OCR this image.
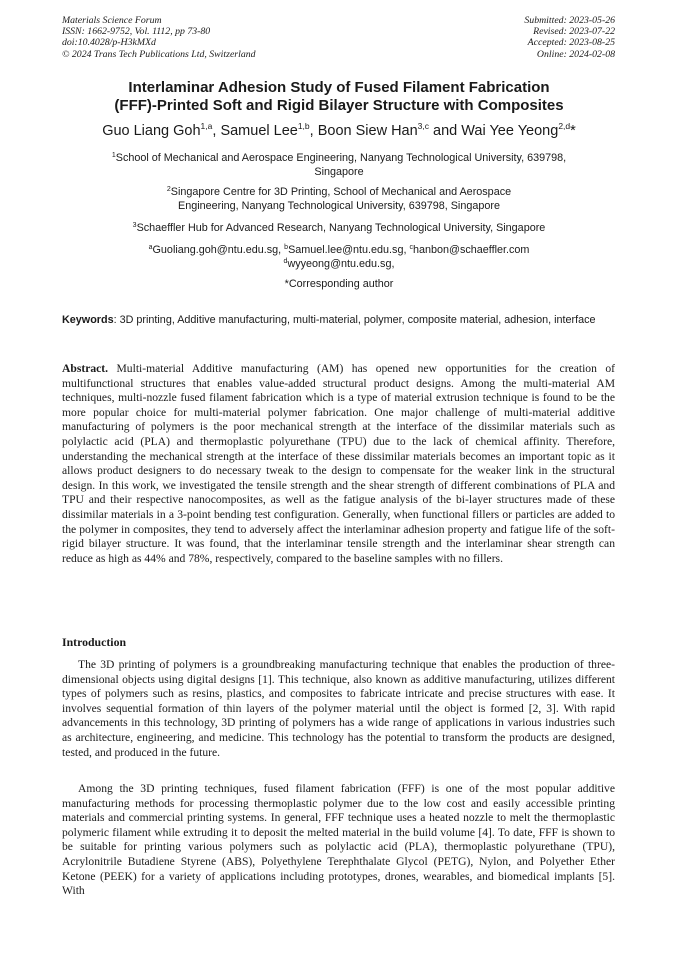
Materials Science Forum
ISSN: 1662-9752, Vol. 1112, pp 73-80
doi:10.4028/p-H3kMXd
© 2024 Trans Tech Publications Ltd, Switzerland
Submitted: 2023-05-26
Revised: 2023-07-22
Accepted: 2023-08-25
Online: 2024-02-08
Interlaminar Adhesion Study of Fused Filament Fabrication
(FFF)-Printed Soft and Rigid Bilayer Structure with Composites
Guo Liang Goh$^{1,a}$, Samuel Lee$^{1,b}$, Boon Siew Han$^{3,c}$ and Wai Yee Yeong$^{2,d}$*
$^1$School of Mechanical and Aerospace Engineering, Nanyang Technological University, 639798,
Singapore
$^2$Singapore Centre for 3D Printing, School of Mechanical and Aerospace
Engineering, Nanyang Technological University, 639798, Singapore
$^3$Schaeffler Hub for Advanced Research, Nanyang Technological University, Singapore
$^a$Guoliang.goh@ntu.edu.sg, $^b$Samuel.lee@ntu.edu.sg, $^c$hanbon@schaeffler.com
$^d$wyyeong@ntu.edu.sg,
*Corresponding author
Keywords: 3D printing, Additive manufacturing, multi-material, polymer, composite material, adhesion, interface
Abstract. Multi-material Additive manufacturing (AM) has opened new opportunities for the creation of multifunctional structures that enables value-added structural product designs. Among the multi-material AM techniques, multi-nozzle fused filament fabrication which is a type of material extrusion technique is found to be the more popular choice for multi-material polymer fabrication. One major challenge of multi-material additive manufacturing of polymers is the poor mechanical strength at the interface of the dissimilar materials such as polylactic acid (PLA) and thermoplastic polyurethane (TPU) due to the lack of chemical affinity. Therefore, understanding the mechanical strength at the interface of these dissimilar materials becomes an important topic as it allows product designers to do necessary tweak to the design to compensate for the weaker link in the structural design. In this work, we investigated the tensile strength and the shear strength of different combinations of PLA and TPU and their respective nanocomposites, as well as the fatigue analysis of the bi-layer structures made of these dissimilar materials in a 3-point bending test configuration. Generally, when functional fillers or particles are added to the polymer in composites, they tend to adversely affect the interlaminar adhesion property and fatigue life of the soft-rigid bilayer structure. It was found, that the interlaminar tensile strength and the interlaminar shear strength can reduce as high as 44% and 78%, respectively, compared to the baseline samples with no fillers.
Introduction

The 3D printing of polymers is a groundbreaking manufacturing technique that enables the production of three-dimensional objects using digital designs [1]. This technique, also known as additive manufacturing, utilizes different types of polymers such as resins, plastics, and composites to fabricate intricate and precise structures with ease. It involves sequential formation of thin layers of the polymer material until the object is formed [2, 3]. With rapid advancements in this technology, 3D printing of polymers has a wide range of applications in various industries such as architecture, engineering, and medicine. This technology has the potential to transform the products are designed, tested, and produced in the future.

Among the 3D printing techniques, fused filament fabrication (FFF) is one of the most popular additive manufacturing methods for processing thermoplastic polymer due to the low cost and easily accessible printing materials and commercial printing systems. In general, FFF technique uses a heated nozzle to melt the thermoplastic polymeric filament while extruding it to deposit the melted material in the build volume [4]. To date, FFF is shown to be suitable for printing various polymers such as polylactic acid (PLA), thermoplastic polyurethane (TPU), Acrylonitrile Butadiene Styrene (ABS), Polyethylene Terephthalate Glycol (PETG), Nylon, and Polyether Ether Ketone (PEEK) for a variety of applications including prototypes, drones, wearables, and biomedical implants [5]. With
